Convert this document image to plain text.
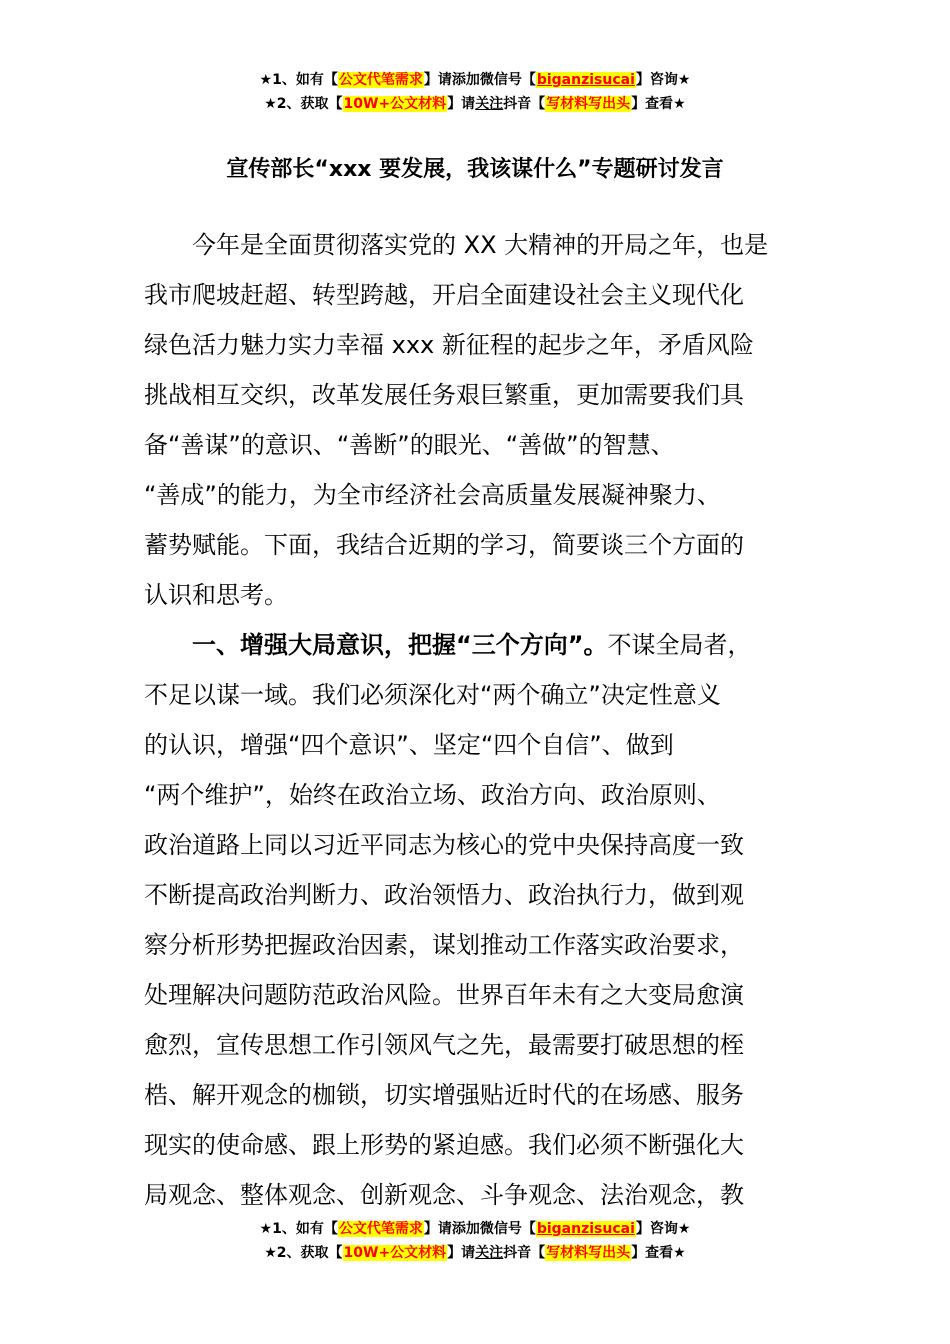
★1、如有【公文代笔需求】请添加微信号【biganzisucai】咨询★
★2、获取【10W+公文材料】请关注抖音【写材料写出头】查看★
宣传部长“xxx 要发展，我该谋什么”专题研讨发言
今年是全面贯彻落实党的 XX 大精神的开局之年，也是
我市爬坡赶超、转型跨越，开启全面建设社会主义现代化
绿色活力魅力实力幸福 xxx 新征程的起步之年，矛盾风险
挑战相互交织，改革发展任务艰巨繁重，更加需要我们具
备“善谋”的意识、“善断”的眼光、“善做”的智慧、
“善成”的能力，为全市经济社会高质量发展凝神聚力、
蓄势赋能。下面，我结合近期的学习，简要谈三个方面的
认识和思考。
一、增强大局意识，把握“三个方向”。不谋全局者，
不足以谋一域。我们必须深化对“两个确立”决定性意义
的认识，增强“四个意识”、坚定“四个自信”、做到
“两个维护”，始终在政治立场、政治方向、政治原则、
政治道路上同以习近平同志为核心的党中央保持高度一致
不断提高政治判断力、政治领悟力、政治执行力，做到观
察分析形势把握政治因素，谋划推动工作落实政治要求，
处理解决问题防范政治风险。世界百年未有之大变局愈演
愈烈，宣传思想工作引领风气之先，最需要打破思想的桎
梏、解开观念的枷锁，切实增强贴近时代的在场感、服务
现实的使命感、跟上形势的紧迫感。我们必须不断强化大
局观念、整体观念、创新观念、斗争观念、法治观念，教
★1、如有【公文代笔需求】请添加微信号【biganzisucai】咨询★
★2、获取【10W+公文材料】请关注抖音【写材料写出头】查看★
